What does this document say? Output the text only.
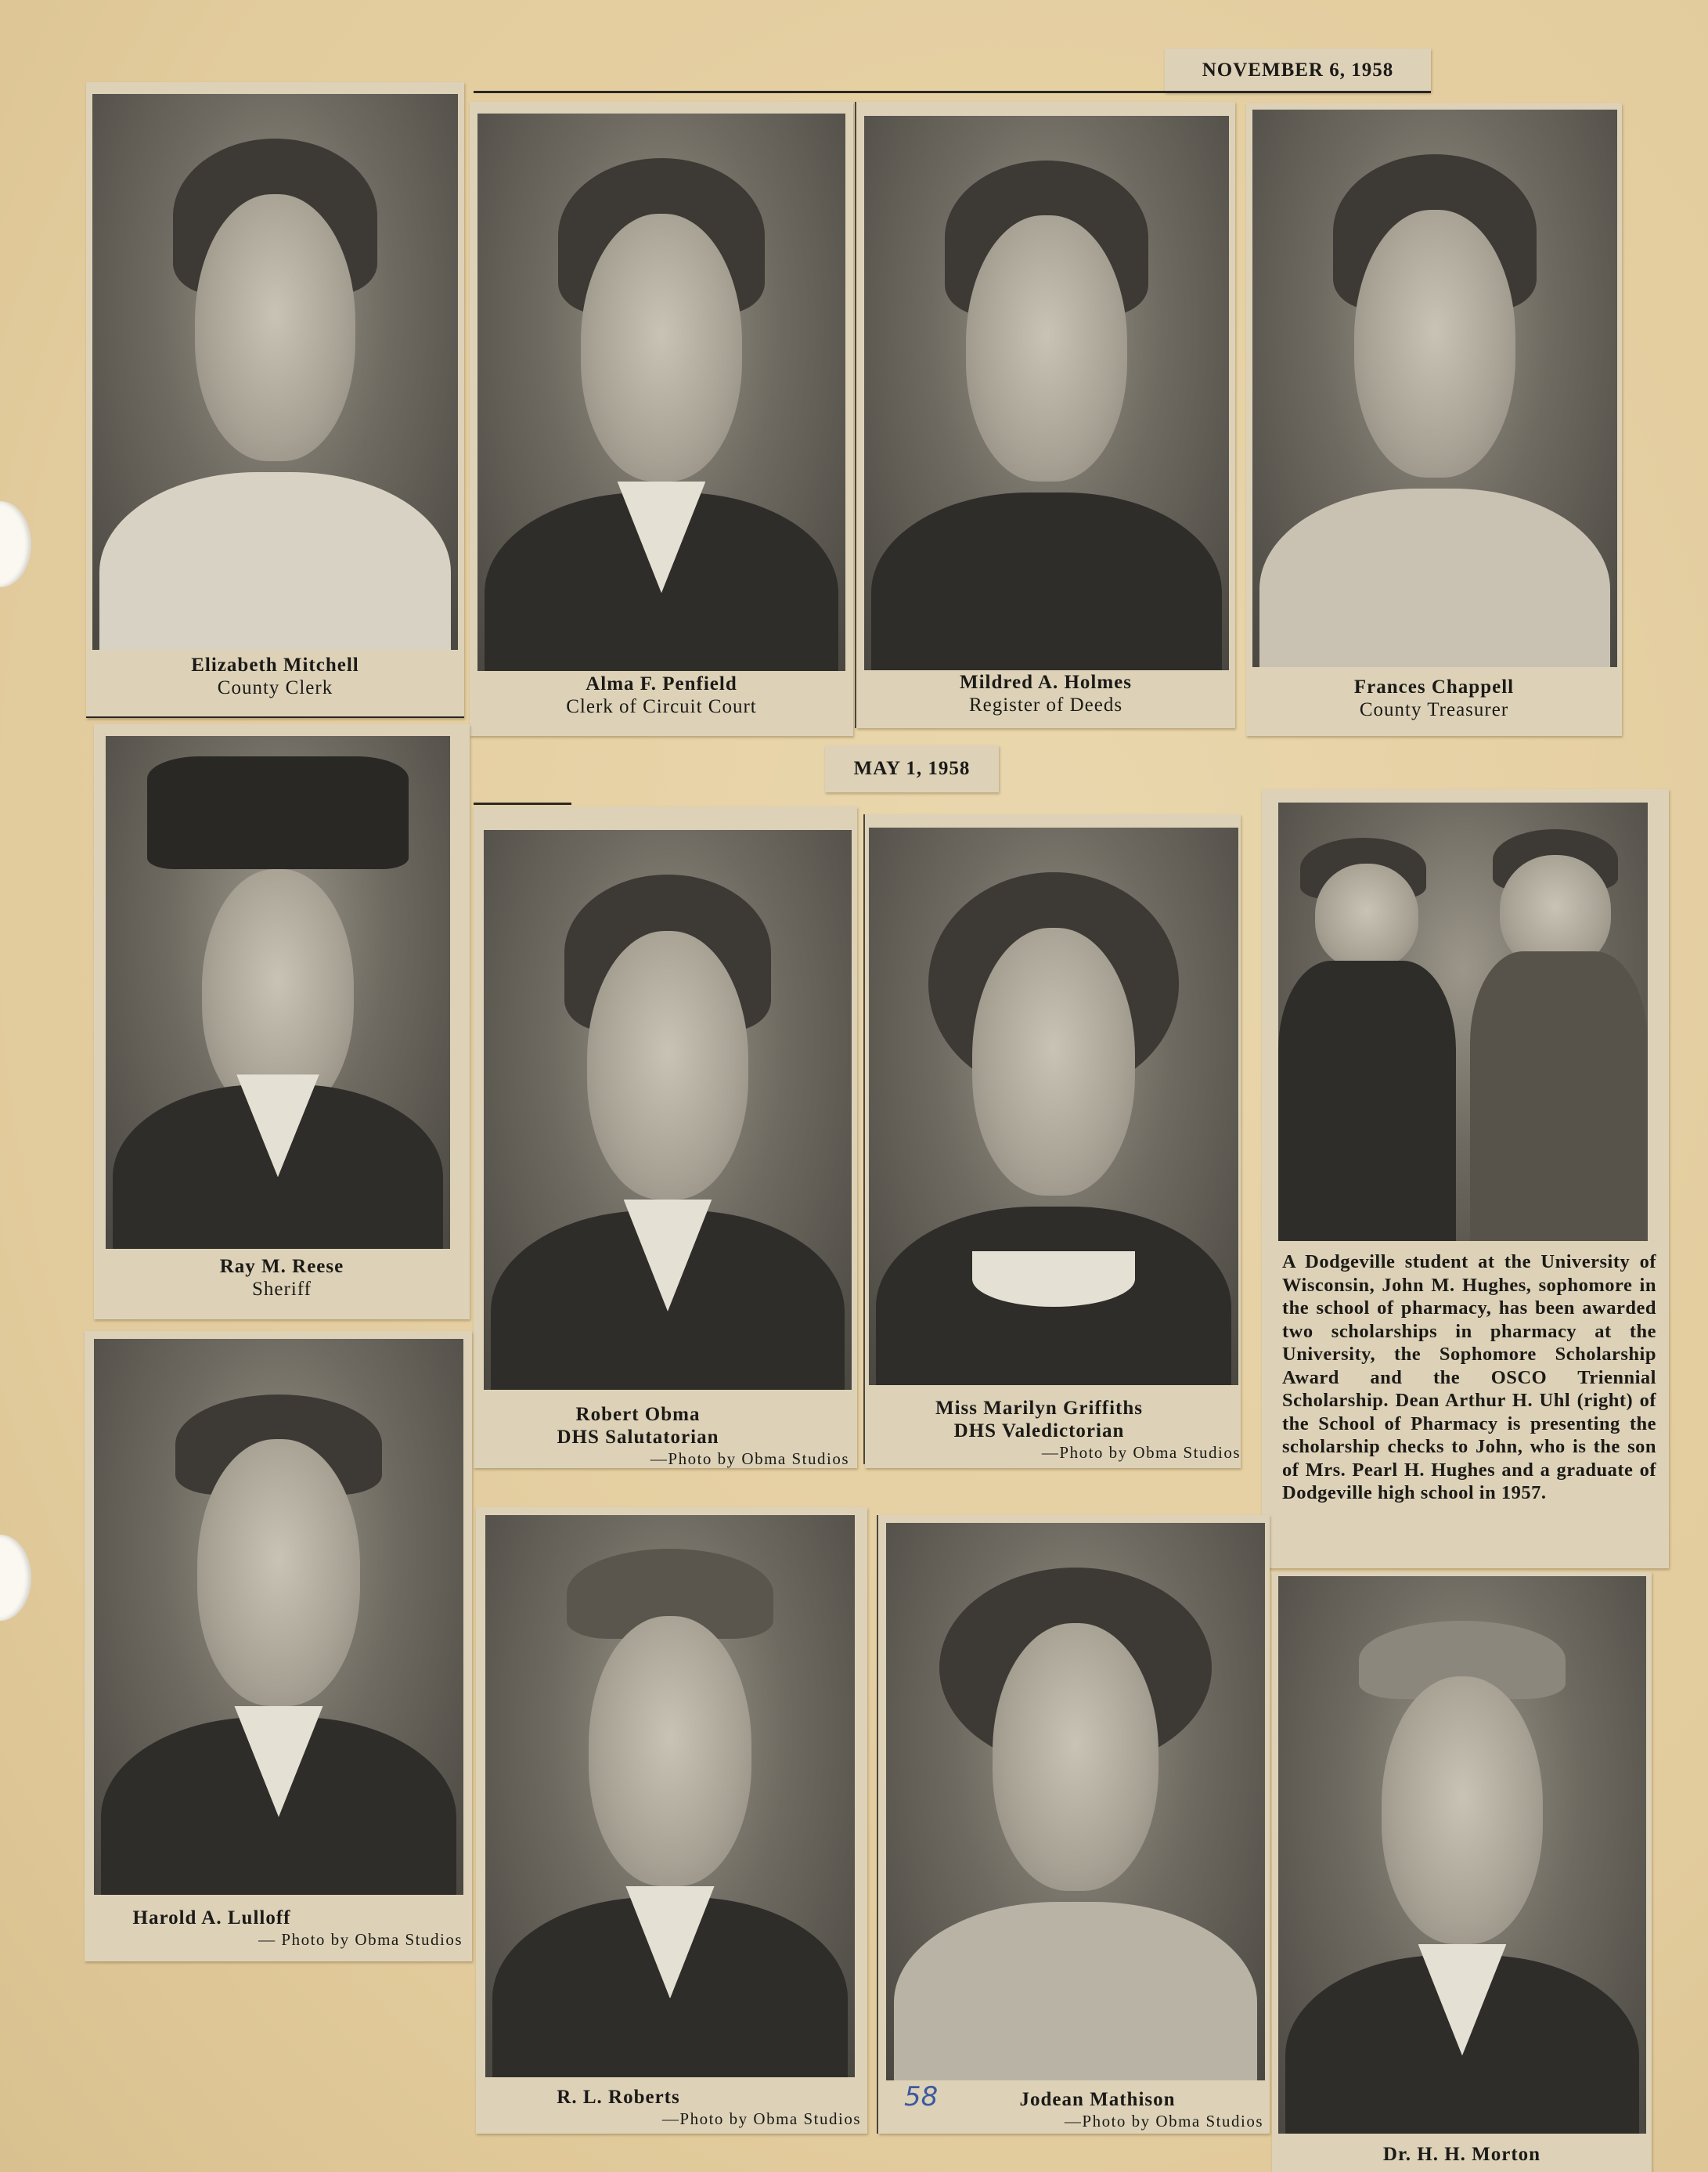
NOVEMBER 6, 1958
MAY 1, 1958
Elizabeth Mitchell
County Clerk	Alma F. Penfield
Clerk of Circuit Court
Mildred A. Holmes
Register of Deeds
Frances Chappell
County Treasurer
Ray M. Reese
Sheriff
Robert Obma
DHS Salutatorian
—Photo by Obma Studios
Miss Marilyn Griffiths
DHS Valedictorian
—Photo by Obma Studios
A Dodgeville student at the University of Wisconsin, John M. Hughes, sophomore in the school of pharmacy, has been awarded two scholarships in pharmacy at the University, the Sophomore Scholarship Award and the OSCO Triennial Scholarship. Dean Arthur H. Uhl (right) of the School of Pharmacy is presenting the scholarship checks to John, who is the son of Mrs. Pearl H. Hughes and a graduate of Dodgeville high school in 1957.
Harold A. Lulloff
— Photo by Obma Studios
R. L. Roberts
—Photo by Obma Studios
Jodean Mathison
—Photo by Obma Studios
58
Dr. H. H. Morton
